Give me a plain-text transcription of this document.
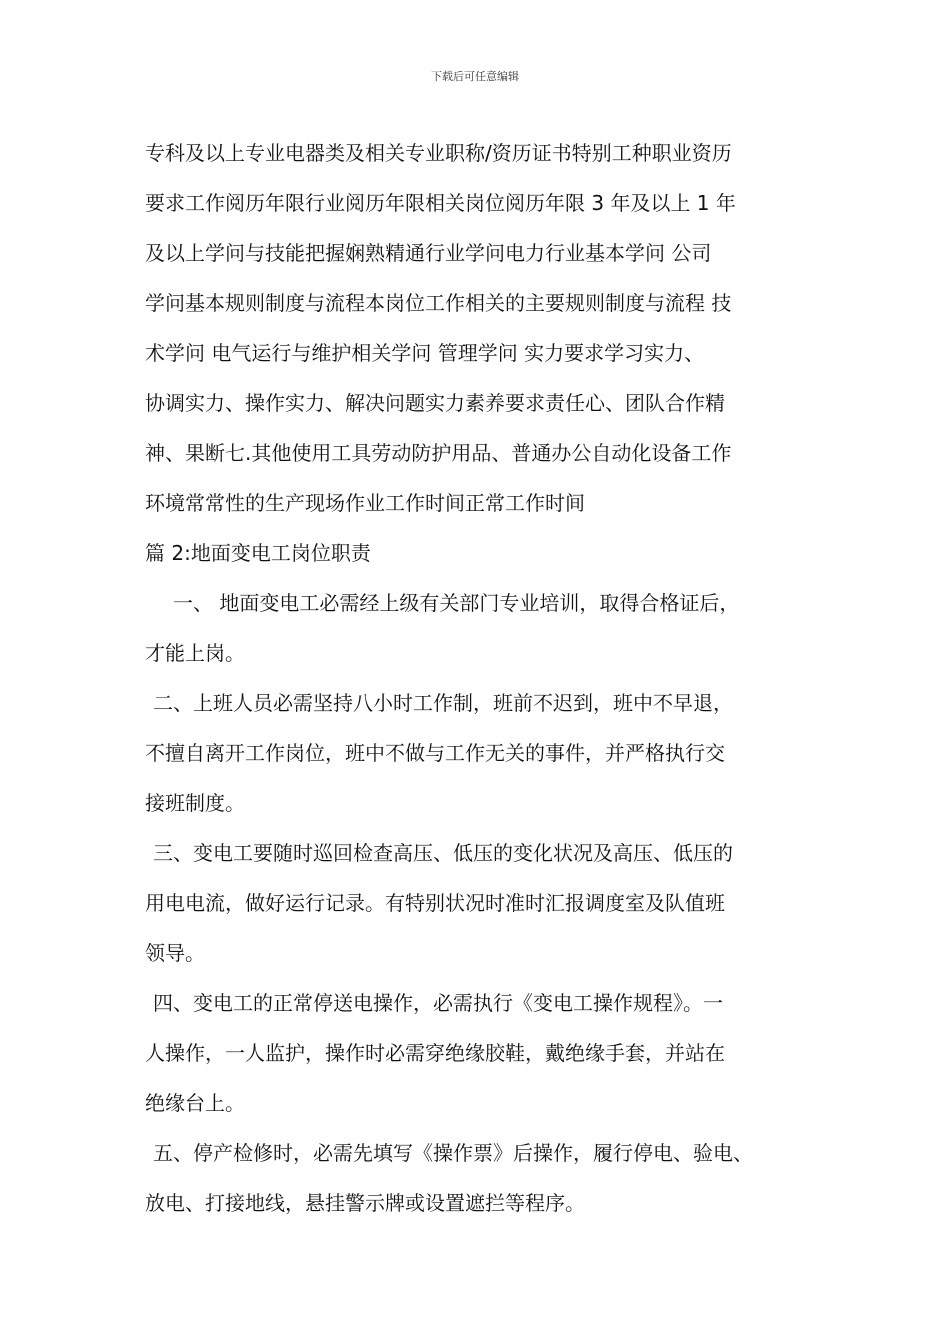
下载后可任意编辑

专科及以上专业电器类及相关专业职称/资历证书特别工种职业资历

要求工作阅历年限行业阅历年限相关岗位阅历年限 3 年及以上 1 年

及以上学问与技能把握娴熟精通行业学问电力行业基本学问 公司

学问基本规则制度与流程本岗位工作相关的主要规则制度与流程 技

术学问 电气运行与维护相关学问 管理学问 实力要求学习实力、

协调实力、操作实力、解决问题实力素养要求责任心、团队合作精

神、果断七.其他使用工具劳动防护用品、普通办公自动化设备工作

环境常常性的生产现场作业工作时间正常工作时间

篇 2:地面变电工岗位职责

一、 地面变电工必需经上级有关部门专业培训，取得合格证后，

才能上岗。

二、上班人员必需坚持八小时工作制，班前不迟到，班中不早退，

不擅自离开工作岗位，班中不做与工作无关的事件，并严格执行交

接班制度。

三、变电工要随时巡回检查高压、低压的变化状况及高压、低压的

用电电流，做好运行记录。有特别状况时准时汇报调度室及队值班

领导。

四、变电工的正常停送电操作，必需执行《变电工操作规程》。一

人操作，一人监护，操作时必需穿绝缘胶鞋，戴绝缘手套，并站在

绝缘台上。

五、停产检修时，必需先填写《操作票》后操作，履行停电、验电、

放电、打接地线，悬挂警示牌或设置遮拦等程序。
